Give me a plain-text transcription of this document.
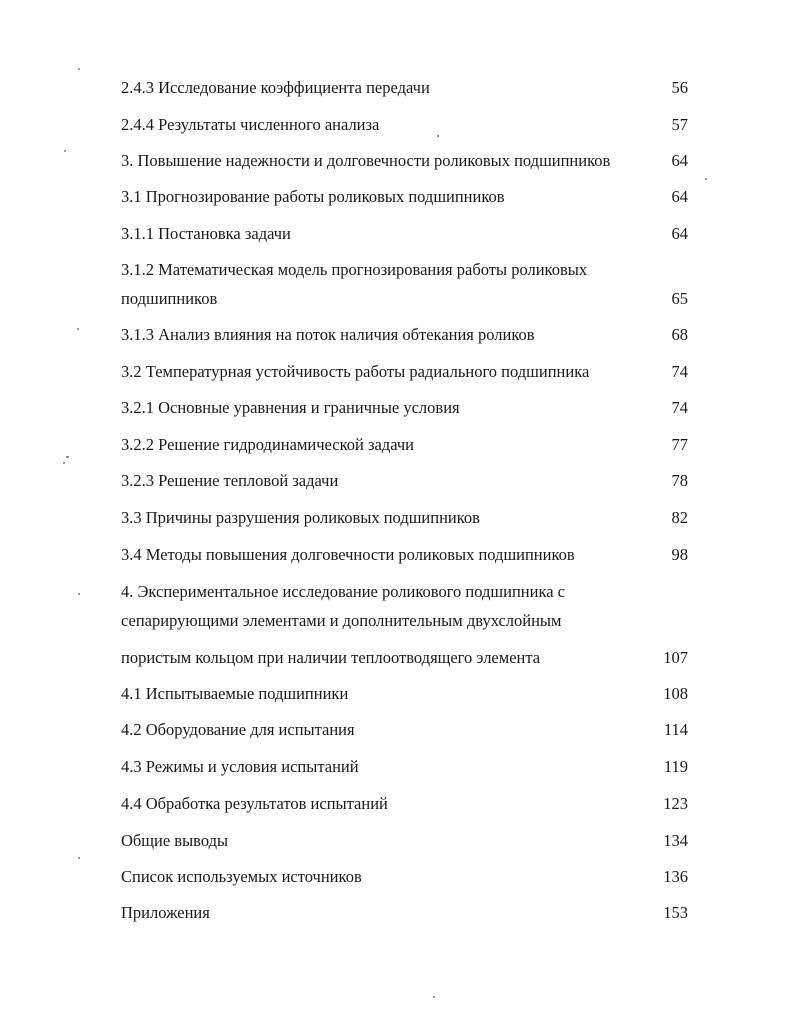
2.4.3 Исследование коэффициента передачи	56
2.4.4 Результаты численного анализа	57
3. Повышение надежности и долговечности роликовых подшипников	64
3.1 Прогнозирование работы роликовых подшипников	64
3.1.1 Постановка задачи	64
3.1.2 Математическая модель прогнозирования работы роликовых
подшипников	65
3.1.3 Анализ влияния на поток наличия обтекания роликов	68
3.2 Температурная устойчивость работы радиального подшипника	74
3.2.1 Основные уравнения и граничные условия	74
3.2.2 Решение гидродинамической задачи	77
3.2.3 Решение тепловой задачи	78
3.3 Причины разрушения роликовых подшипников	82
3.4 Методы повышения долговечности роликовых подшипников	98
4. Экспериментальное исследование роликового подшипника с
сепарирующими элементами и дополнительным двухслойным
пористым кольцом при наличии теплоотводящего элемента	107
4.1 Испытываемые подшипники	108
4.2 Оборудование для испытания	114
4.3 Режимы и условия испытаний	119
4.4 Обработка результатов испытаний	123
Общие выводы	134
Список используемых источников	136
Приложения	153
